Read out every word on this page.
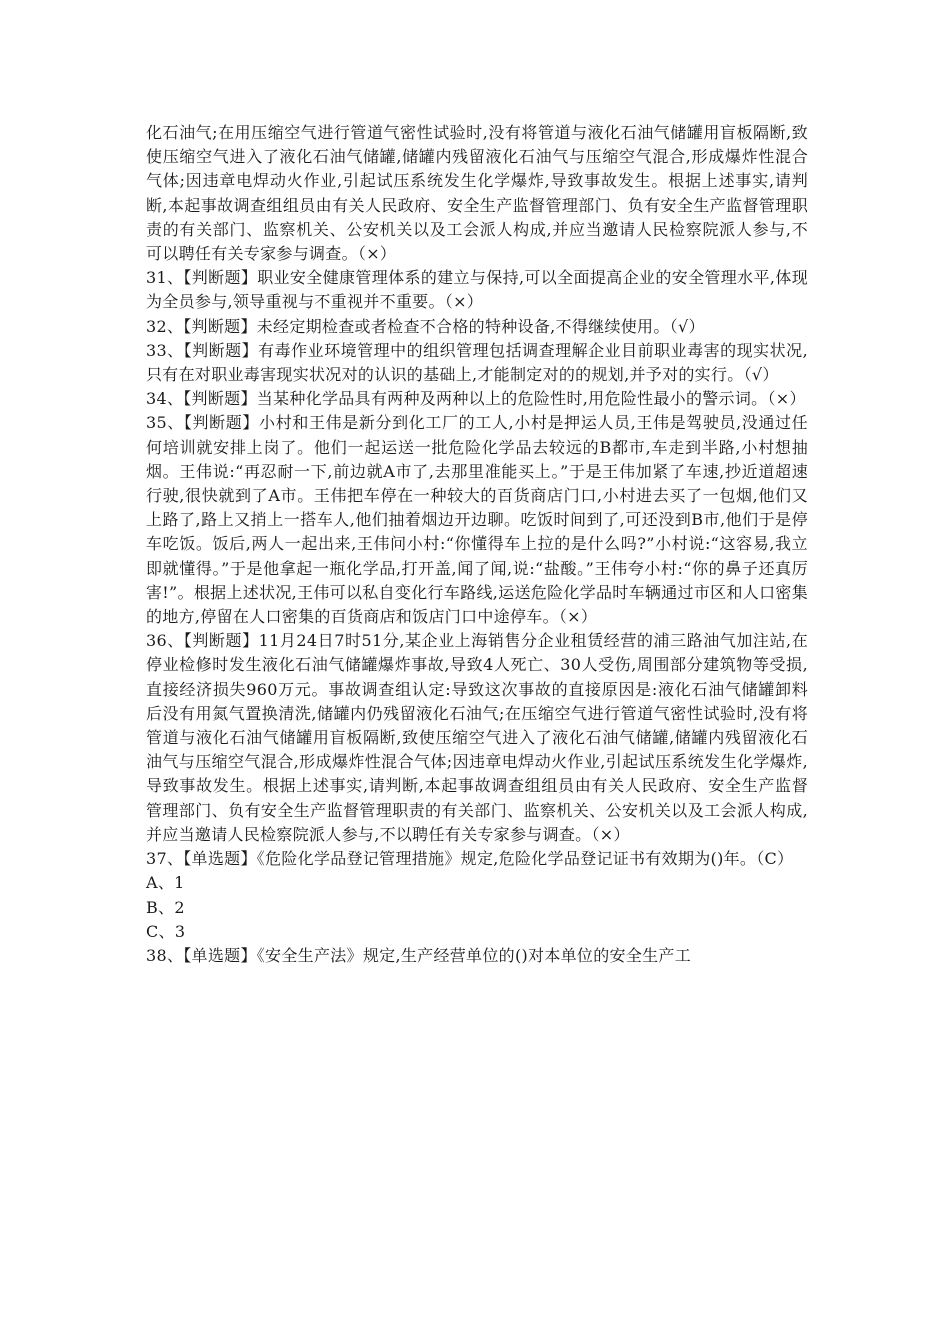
化石油气;在用压缩空气进行管道气密性试验时,没有将管道与液化石油气储罐用盲板隔断,致使压缩空气进入了液化石油气储罐,储罐内残留液化石油气与压缩空气混合,形成爆炸性混合气体;因违章电焊动火作业,引起试压系统发生化学爆炸,导致事故发生。根据上述事实,请判断,本起事故调查组组员由有关人民政府、安全生产监督管理部门、负有安全生产监督管理职责的有关部门、监察机关、公安机关以及工会派人构成,并应当邀请人民检察院派人参与,不可以聘任有关专家参与调查。（×）

31、【判断题】职业安全健康管理体系的建立与保持,可以全面提高企业的安全管理水平,体现为全员参与,领导重视与不重视并不重要。（×）

32、【判断题】未经定期检查或者检查不合格的特种设备,不得继续使用。（√）

33、【判断题】有毒作业环境管理中的组织管理包括调查理解企业目前职业毒害的现实状况,只有在对职业毒害现实状况对的认识的基础上,才能制定对的的规划,并予对的实行。（√）

34、【判断题】当某种化学品具有两种及两种以上的危险性时,用危险性最小的警示词。（×）

35、【判断题】小村和王伟是新分到化工厂的工人,小村是押运人员,王伟是驾驶员,没通过任何培训就安排上岗了。他们一起运送一批危险化学品去较远的B都市,车走到半路,小村想抽烟。王伟说:“再忍耐一下,前边就A市了,去那里准能买上。”于是王伟加紧了车速,抄近道超速行驶,很快就到了A市。王伟把车停在一种较大的百货商店门口,小村进去买了一包烟,他们又上路了,路上又捎上一搭车人,他们抽着烟边开边聊。吃饭时间到了,可还没到B市,他们于是停车吃饭。饭后,两人一起出来,王伟问小村:“你懂得车上拉的是什么吗?”小村说:“这容易,我立即就懂得。”于是他拿起一瓶化学品,打开盖,闻了闻,说:“盐酸。”王伟夸小村:“你的鼻子还真厉害!”。根据上述状况,王伟可以私自变化行车路线,运送危险化学品时车辆通过市区和人口密集的地方,停留在人口密集的百货商店和饭店门口中途停车。（×）

36、【判断题】11月24日7时51分,某企业上海销售分企业租赁经营的浦三路油气加注站,在停业检修时发生液化石油气储罐爆炸事故,导致4人死亡、30人受伤,周围部分建筑物等受损,直接经济损失960万元。事故调查组认定:导致这次事故的直接原因是:液化石油气储罐卸料后没有用氮气置换清洗,储罐内仍残留液化石油气;在压缩空气进行管道气密性试验时,没有将管道与液化石油气储罐用盲板隔断,致使压缩空气进入了液化石油气储罐,储罐内残留液化石油气与压缩空气混合,形成爆炸性混合气体;因违章电焊动火作业,引起试压系统发生化学爆炸,导致事故发生。根据上述事实,请判断,本起事故调查组组员由有关人民政府、安全生产监督管理部门、负有安全生产监督管理职责的有关部门、监察机关、公安机关以及工会派人构成,并应当邀请人民检察院派人参与,不以聘任有关专家参与调查。（×）

37、【单选题】《危险化学品登记管理措施》规定,危险化学品登记证书有效期为()年。（C）

A、1

B、2

C、3

38、【单选题】《安全生产法》规定,生产经营单位的()对本单位的安全生产工
